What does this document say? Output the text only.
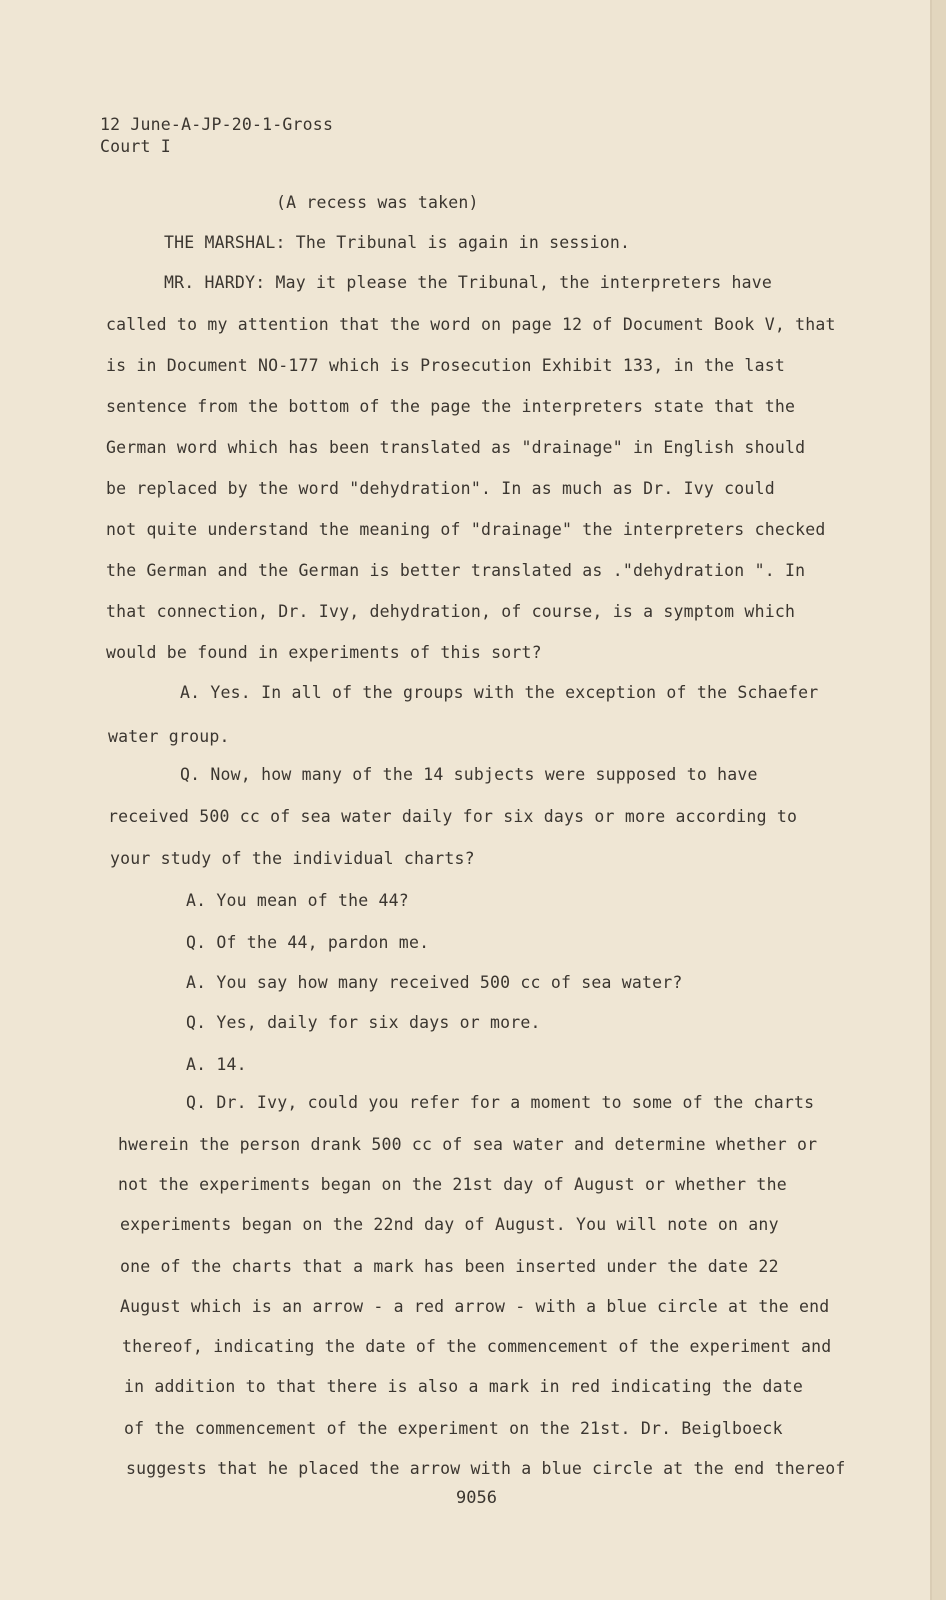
12 June-A-JP-20-1-Gross

Court I

(A recess was taken)

THE MARSHAL: The Tribunal is again in session.

MR. HARDY: May it please the Tribunal, the interpreters have

called to my attention that the word on page 12 of Document Book V, that

is in Document NO-177 which is Prosecution Exhibit 133, in the last

sentence from the bottom of the page the interpreters state that the

German word which has been translated as "drainage" in English should

be replaced by the word "dehydration". In as much as Dr. Ivy could

not quite understand the meaning of "drainage" the interpreters checked

the German and the German is better translated as ."dehydration ". In

that connection, Dr. Ivy, dehydration, of course, is a symptom which

would be found in experiments of this sort?

A. Yes. In all of the groups with the exception of the Schaefer

water group.

Q. Now, how many of the 14 subjects were supposed to have

received 500 cc of sea water daily for six days or more according to

your study of the individual charts?

A. You mean of the 44?

Q. Of the 44, pardon me.

A. You say how many received 500 cc of sea water?

Q. Yes, daily for six days or more.

A. 14.

Q. Dr. Ivy, could you refer for a moment to some of the charts

hwerein the person drank 500 cc of sea water and determine whether or

not the experiments began on the 21st day of August or whether the

experiments began on the 22nd day of August. You will note on any

one of the charts that a mark has been inserted under the date 22

August which is an arrow - a red arrow - with a blue circle at the end

thereof, indicating the date of the commencement of the experiment and

in addition to that there is also a mark in red indicating the date

of the commencement of the experiment on the 21st. Dr. Beiglboeck

suggests that he placed the arrow with a blue circle at the end thereof

9056
